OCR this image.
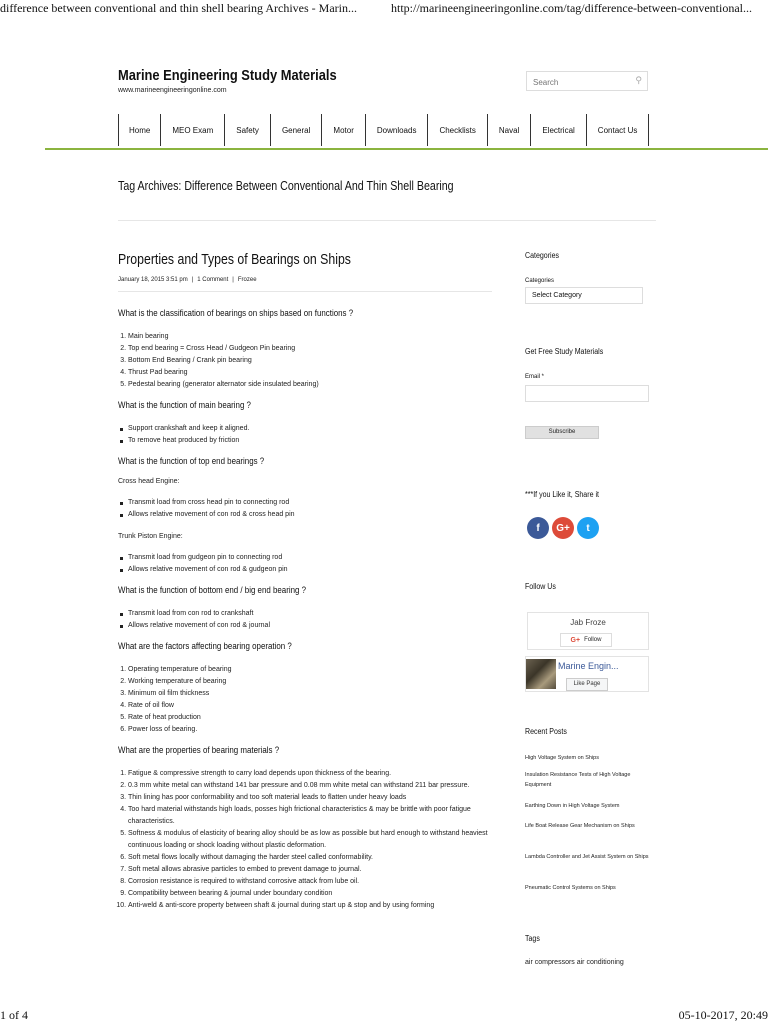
difference between conventional and thin shell bearing Archives - Marin...	http://marineengineeringonline.com/tag/difference-between-conventional...
Marine Engineering Study Materials
www.marineengineeringonline.com
Search
⚲
Home	MEO Exam	Safety	General	Motor	Downloads	Checklists	Naval	Electrical	Contact Us
Tag Archives: Difference Between Conventional And Thin Shell Bearing
Properties and Types of Bearings on Ships
January 18, 2015 3:51 pm | 1 Comment | Frozee
What is the classification of bearings on ships based on functions ?
1. Main bearing
2. Top end bearing = Cross Head / Gudgeon Pin bearing
3. Bottom End Bearing / Crank pin bearing
4. Thrust Pad bearing
5. Pedestal bearing (generator alternator side insulated bearing)
What is the function of main bearing ?
Support crankshaft and keep it aligned.
To remove heat produced by friction
What is the function of top end bearings ?
Cross head Engine:
Transmit load from cross head pin to connecting rod
Allows relative movement of con rod & cross head pin
Trunk Piston Engine:
Transmit load from gudgeon pin to connecting rod
Allows relative movement of con rod & gudgeon pin
What is the function of bottom end / big end bearing ?
Transmit load from con rod to crankshaft
Allows relative movement of con rod & journal
What are the factors affecting bearing operation ?
1. Operating temperature of bearing
2. Working temperature of bearing
3. Minimum oil film thickness
4. Rate of oil flow
5. Rate of heat production
6. Power loss of bearing.
What are the properties of bearing materials ?
1. Fatigue & compressive strength to carry load depends upon thickness of the bearing.
2. 0.3 mm white metal can withstand 141 bar pressure and 0.08 mm white metal can withstand 211 bar pressure.
3. Thin lining has poor conformability and too soft material leads to flatten under heavy loads
4. Too hard material withstands high loads, posses high frictional characteristics & may be brittle with poor fatigue characteristics.
5. Softness & modulus of elasticity of bearing alloy should be as low as possible but hard enough to withstand heaviest continuous loading or shock loading without plastic deformation.
6. Soft metal flows locally without damaging the harder steel called conformability.
7. Soft metal allows abrasive particles to embed to prevent damage to journal.
8. Corrosion resistance is required to withstand corrosive attack from lube oil.
9. Compatibility between bearing & journal under boundary condition
10. Anti-weld & anti-score property between shaft & journal during start up & stop and by using forming
Categories
Categories
Select Category
Get Free Study Materials
Email *
Subscribe
***If you Like it, Share it
f	G+	t
Follow Us
Jab Froze
G+ Follow
Marine Engin...
Like Page
Recent Posts
High Voltage System on Ships
Insulation Resistance Tests of High Voltage Equipment
Earthing Down in High Voltage System
Life Boat Release Gear Mechanism on Ships
Lambda Controller and Jet Assist System on Ships
Pneumatic Control Systems on Ships
Tags
air compressors air conditioning
1 of 4	05-10-2017, 20:49
